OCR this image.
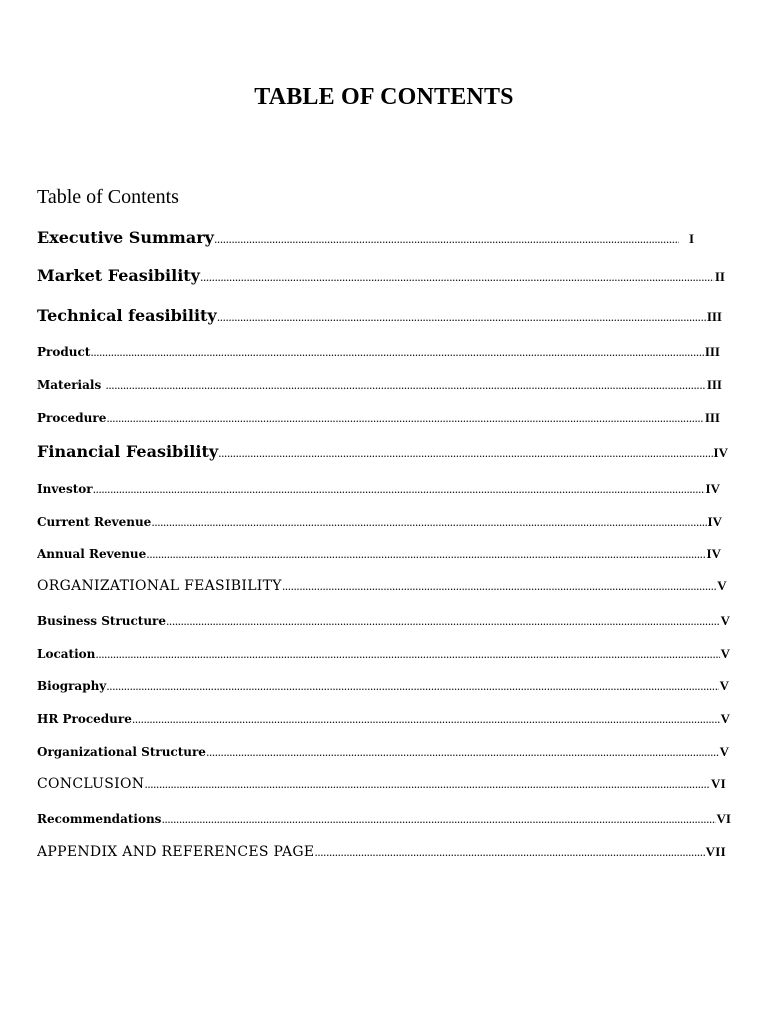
TABLE OF CONTENTS
Table of Contents
Executive Summary .....	I
Market Feasibility .....	II
Technical feasibility .....	III
Product .....	III
Materials .....	III
Procedure .....	III
Financial Feasibility .....	IV
Investor .....	IV
Current Revenue .....	IV
Annual Revenue .....	IV
ORGANIZATIONAL FEASIBILITY .....	V
Business Structure .....	V
Location .....	V
Biography .....	V
HR Procedure .....	V
Organizational Structure .....	V
CONCLUSION .....	VI
Recommendations .....	VI
APPENDIX AND REFERENCES PAGE .....	VII
